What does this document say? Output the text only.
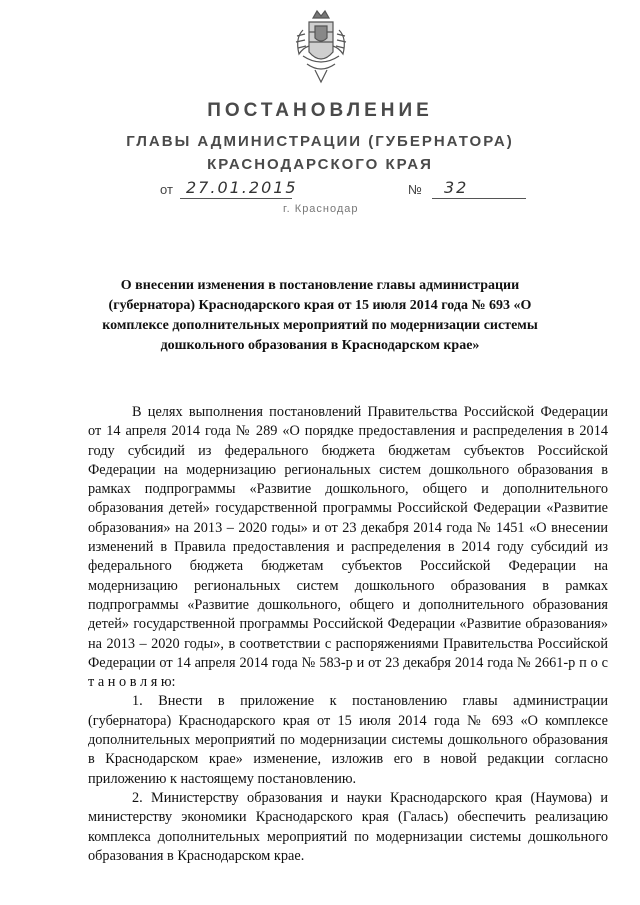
ПОСТАНОВЛЕНИЕ
ГЛАВЫ АДМИНИСТРАЦИИ (ГУБЕРНАТОРА)
КРАСНОДАРСКОГО КРАЯ
от 27.01.2015	№ 32
г. Краснодар
О внесении изменения в постановление главы администрации (губернатора) Краснодарского края от 15 июля 2014 года № 693 «О комплексе дополнительных мероприятий по модернизации системы дошкольного образования в Краснодарском крае»

В целях выполнения постановлений Правительства Российской Федерации от 14 апреля 2014 года № 289 «О порядке предоставления и распределения в 2014 году субсидий из федерального бюджета бюджетам субъектов Российской Федерации на модернизацию региональных систем дошкольного образования в рамках подпрограммы «Развитие дошкольного, общего и дополнительного образования детей» государственной программы Российской Федерации «Развитие образования» на 2013 – 2020 годы» и от 23 декабря 2014 года № 1451 «О внесении изменений в Правила предоставления и распределения в 2014 году субсидий из федерального бюджета бюджетам субъектов Российской Федерации на модернизацию региональных систем дошкольного образования в рамках подпрограммы «Развитие дошкольного, общего и дополнительного образования детей» государственной программы Российской Федерации «Развитие образования» на 2013 – 2020 годы», в соответствии с распоряжениями Правительства Российской Федерации от 14 апреля 2014 года № 583-р и от 23 декабря 2014 года № 2661-р п о с т а н о в л я ю:

1. Внести в приложение к постановлению главы администрации (губернатора) Краснодарского края от 15 июля 2014 года № 693 «О комплексе дополнительных мероприятий по модернизации системы дошкольного образования в Краснодарском крае» изменение, изложив его в новой редакции согласно приложению к настоящему постановлению.

2. Министерству образования и науки Краснодарского края (Наумова) и министерству экономики Краснодарского края (Галась) обеспечить реализацию комплекса дополнительных мероприятий по модернизации системы дошкольного образования в Краснодарском крае.
